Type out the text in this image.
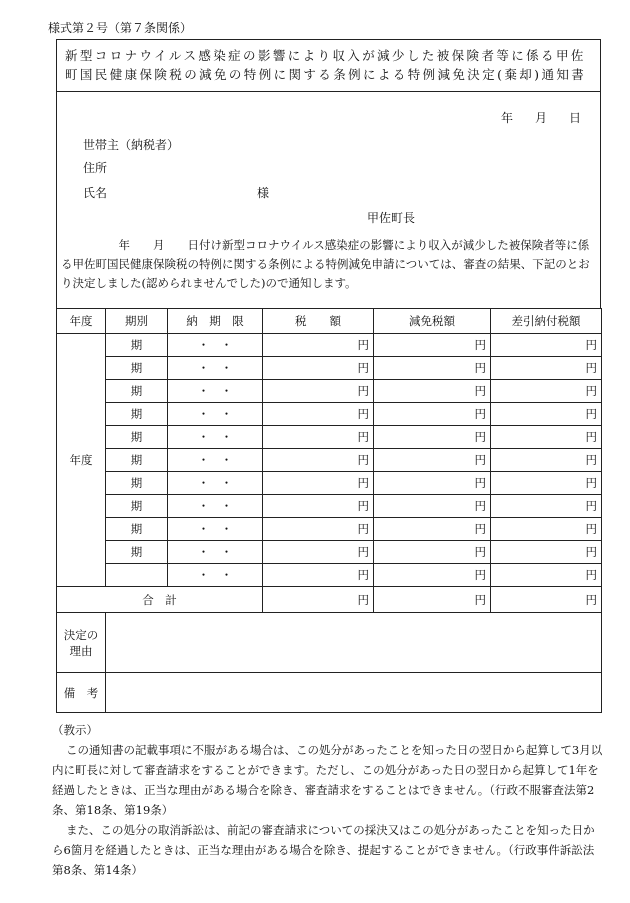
様式第２号（第７条関係）
新型コロナウイルス感染症の影響により収入が減少した被保険者等に係る甲佐町国民健康保険税の減免の特例に関する条例による特例減免決定(棄却)通知書
年 月 日
世帯主（納税者）
住所
氏名	様
甲佐町長
　　　　　年　　月　　日付け新型コロナウイルス感染症の影響により収入が減少した被保険者等に係る甲佐町国民健康保険税の特例に関する条例による特例減免申請については、審査の結果、下記のとおり決定しました(認められませんでした)ので通知します。
年度	期別	納　期　限	税　　額	減免税額	差引納付税額
年度	期	・　・	円	円	円
	期	・　・	円	円	円
	期	・　・	円	円	円
	期	・　・	円	円	円
	期	・　・	円	円	円
	期	・　・	円	円	円
	期	・　・	円	円	円
	期	・　・	円	円	円
	期	・　・	円	円	円
	期	・　・	円	円	円
		・　・	円	円	円
合　計			円	円	円
決定の理由					
備　考					

（教示）

この通知書の記載事項に不服がある場合は、この処分があったことを知った日の翌日から起算して3月以内に町長に対して審査請求をすることができます。ただし、この処分があった日の翌日から起算して1年を経過したときは、正当な理由がある場合を除き、審査請求をすることはできません。（行政不服審査法第2条、第18条、第19条）

また、この処分の取消訴訟は、前記の審査請求についての採決又はこの処分があったことを知った日から6箇月を経過したときは、正当な理由がある場合を除き、提起することができません。（行政事件訴訟法第8条、第14条）
